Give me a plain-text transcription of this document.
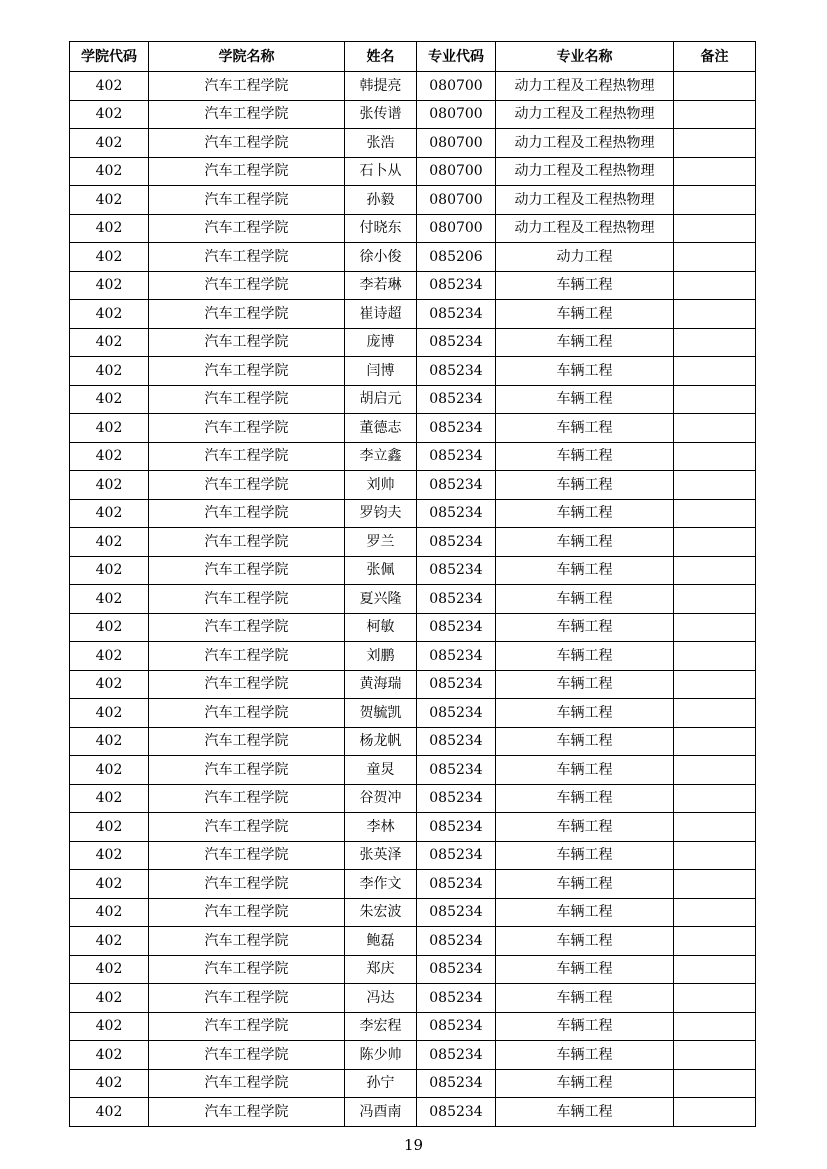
学院代码	学院名称	姓名	专业代码	专业名称	备注
402	汽车工程学院	韩提亮	080700	动力工程及工程热物理	
402	汽车工程学院	张传谱	080700	动力工程及工程热物理	
402	汽车工程学院	张浩	080700	动力工程及工程热物理	
402	汽车工程学院	石卜从	080700	动力工程及工程热物理	
402	汽车工程学院	孙毅	080700	动力工程及工程热物理	
402	汽车工程学院	付晓东	080700	动力工程及工程热物理	
402	汽车工程学院	徐小俊	085206	动力工程	
402	汽车工程学院	李若琳	085234	车辆工程	
402	汽车工程学院	崔诗超	085234	车辆工程	
402	汽车工程学院	庞博	085234	车辆工程	
402	汽车工程学院	闫博	085234	车辆工程	
402	汽车工程学院	胡启元	085234	车辆工程	
402	汽车工程学院	董德志	085234	车辆工程	
402	汽车工程学院	李立鑫	085234	车辆工程	
402	汽车工程学院	刘帅	085234	车辆工程	
402	汽车工程学院	罗钧夫	085234	车辆工程	
402	汽车工程学院	罗兰	085234	车辆工程	
402	汽车工程学院	张佩	085234	车辆工程	
402	汽车工程学院	夏兴隆	085234	车辆工程	
402	汽车工程学院	柯敏	085234	车辆工程	
402	汽车工程学院	刘鹏	085234	车辆工程	
402	汽车工程学院	黄海瑞	085234	车辆工程	
402	汽车工程学院	贺毓凯	085234	车辆工程	
402	汽车工程学院	杨龙帆	085234	车辆工程	
402	汽车工程学院	童炅	085234	车辆工程	
402	汽车工程学院	谷贺冲	085234	车辆工程	
402	汽车工程学院	李林	085234	车辆工程	
402	汽车工程学院	张英泽	085234	车辆工程	
402	汽车工程学院	李作文	085234	车辆工程	
402	汽车工程学院	朱宏波	085234	车辆工程	
402	汽车工程学院	鲍磊	085234	车辆工程	
402	汽车工程学院	郑庆	085234	车辆工程	
402	汽车工程学院	冯达	085234	车辆工程	
402	汽车工程学院	李宏程	085234	车辆工程	
402	汽车工程学院	陈少帅	085234	车辆工程	
402	汽车工程学院	孙宁	085234	车辆工程	
402	汽车工程学院	冯酉南	085234	车辆工程	
19
